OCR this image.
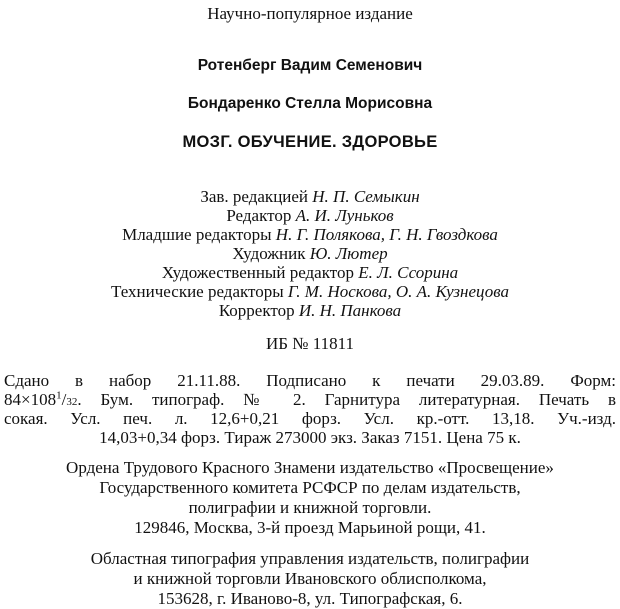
Научно-популярное издание
Ротенберг Вадим Семенович
Бондаренко Стелла Морисовна
МОЗГ. ОБУЧЕНИЕ. ЗДОРОВЬЕ
Зав. редакцией Н. П. Семыкин
Редактор А. И. Луньков
Младшие редакторы Н. Г. Полякова, Г. Н. Гвоздкова
Художник Ю. Лютер
Художественный редактор Е. Л. Ссорина
Технические редакторы Г. М. Носкова, О. А. Кузнецова
Корректор И. Н. Панкова
ИБ № 11811
Сдано в набор 21.11.88. Подписано к печати 29.03.89. Форм:
$84\times 108^1/32$. Бум. типограф. № 2. Гарнитура литературная. Печать в
сокая. Усл. печ. л. 12,6+0,21 форз. Усл. кр.-отт. 13,18. Уч.-изд.
14,03+0,34 форз. Тираж 273000 экз. Заказ 7151. Цена 75 к.
Ордена Трудового Красного Знамени издательство «Просвещение»
Государственного комитета РСФСР по делам издательств,
полиграфии и книжной торговли.
129846, Москва, 3-й проезд Марьиной рощи, 41.
Областная типография управления издательств, полиграфии
и книжной торговли Ивановского облисполкома,
153628, г. Иваново-8, ул. Типографская, 6.
